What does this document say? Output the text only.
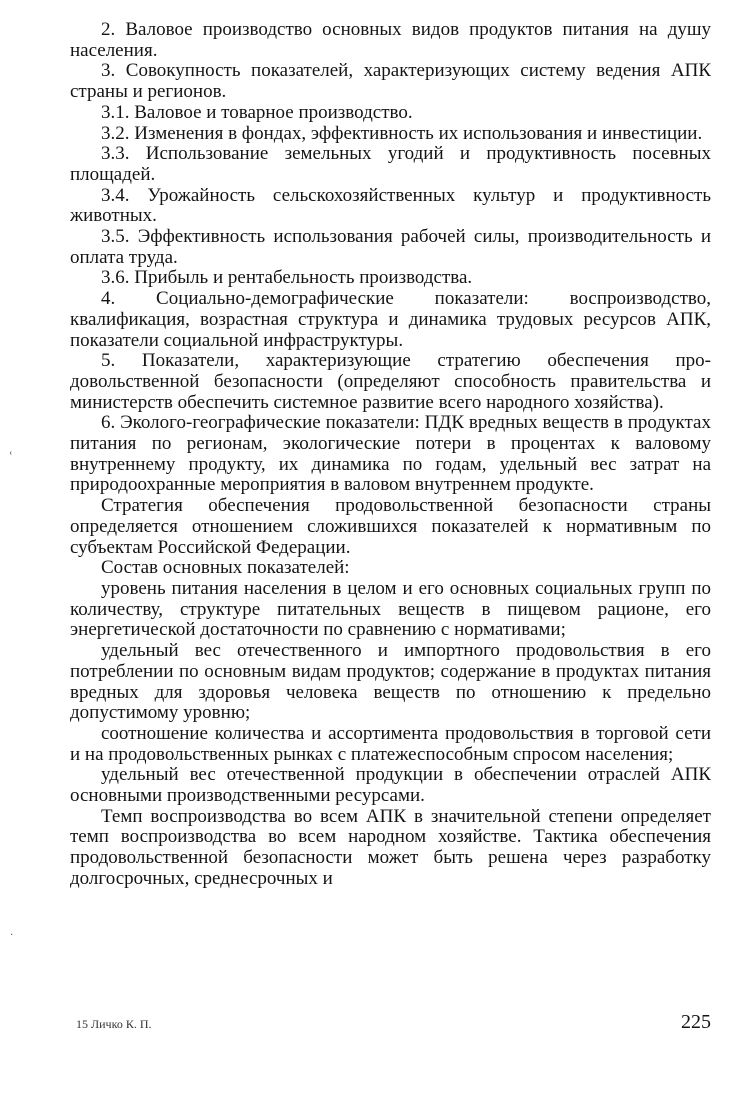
2. Валовое производство основных видов продуктов питания на душу населения.

3. Совокупность показателей, характеризующих систему ведения АПК страны и регионов.

3.1. Валовое и товарное производство.

3.2. Изменения в фондах, эффективность их использования и инвестиции.

3.3. Использование земельных угодий и продуктивность посевных площадей.

3.4. Урожайность сельскохозяйственных культур и продуктивность животных.

3.5. Эффективность использования рабочей силы, производительность и оплата труда.

3.6. Прибыль и рентабельность производства.

4. Социально-демографические показатели: воспроизводство, квалификация, возрастная структура и динамика трудовых ресурсов АПК, показатели социальной инфраструктуры.

5. Показатели, характеризующие стратегию обеспечения продовольственной безопасности (определяют способность правительства и министерств обеспечить системное развитие всего народного хозяйства).

6. Эколого-географические показатели: ПДК вредных веществ в продуктах питания по регионам, экологические потери в процентах к валовому внутреннему продукту, их динамика по годам, удельный вес затрат на природоохранные мероприятия в валовом внутреннем продукте.

Стратегия обеспечения продовольственной безопасности страны определяется отношением сложившихся показателей к нормативным по субъектам Российской Федерации.

Состав основных показателей:

уровень питания населения в целом и его основных социальных групп по количеству, структуре питательных веществ в пищевом рационе, его энергетической достаточности по сравнению с нормативами;

удельный вес отечественного и импортного продовольствия в его потреблении по основным видам продуктов; содержание в продуктах питания вредных для здоровья человека веществ по отношению к предельно допустимому уровню;

соотношение количества и ассортимента продовольствия в торговой сети и на продовольственных рынках с платежеспособным спросом населения;

удельный вес отечественной продукции в обеспечении отраслей АПК основными производственными ресурсами.

Темп воспроизводства во всем АПК в значительной степени определяет темп воспроизводства во всем народном хозяйстве. Тактика обеспечения продовольственной безопасности может быть решена через разработку долгосрочных, среднесрочных и

ʿ
·
15 Личко К. П.	225
